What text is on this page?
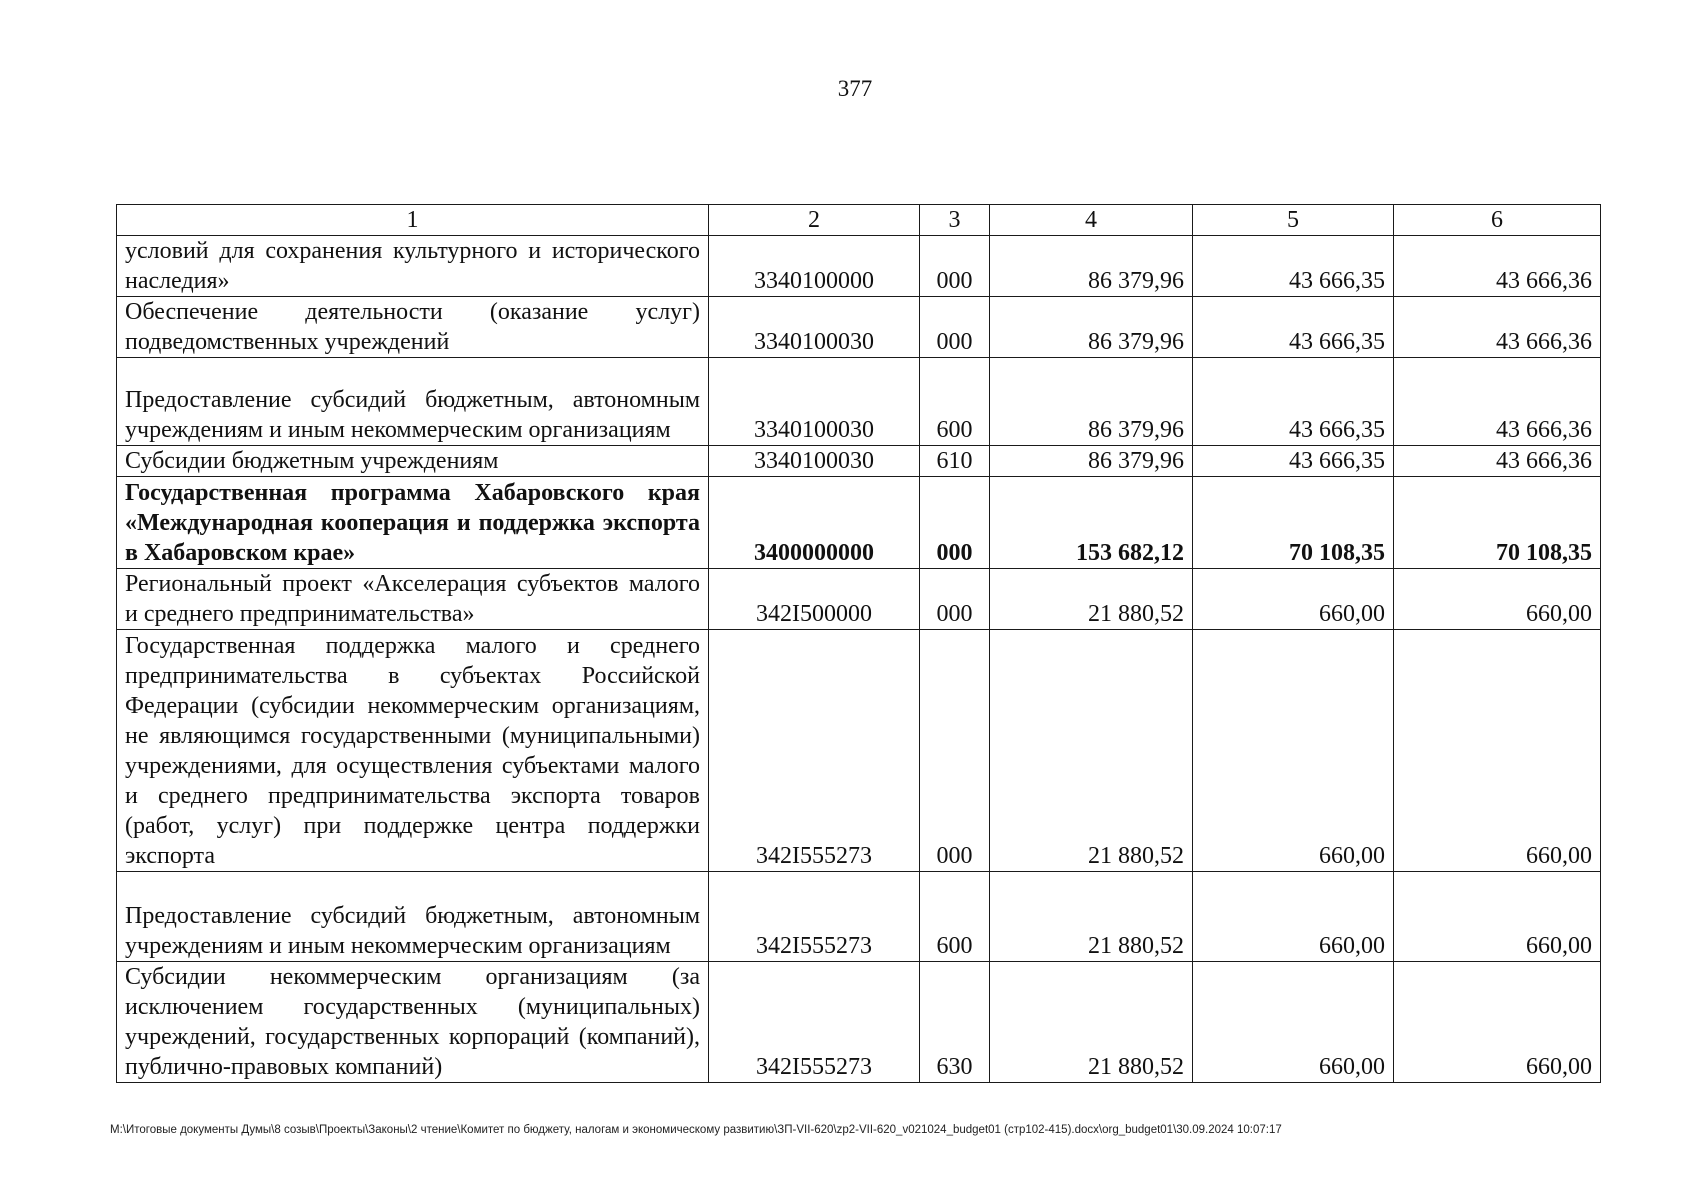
377
1	2	3	4	5	6
условий для сохранения культурного и исторического наследия»	3340100000	000	86 379,96	43 666,35	43 666,36
Обеспечение деятельности (оказание услуг) подведомственных учреждений	3340100030	000	86 379,96	43 666,35	43 666,36
Предоставление субсидий бюджетным, автономным учреждениям и иным некоммерческим организациям	3340100030	600	86 379,96	43 666,35	43 666,36
Субсидии бюджетным учреждениям	3340100030	610	86 379,96	43 666,35	43 666,36
Государственная программа Хабаровского края «Международная кооперация и поддержка экспорта в Хабаровском крае»	3400000000	000	153 682,12	70 108,35	70 108,35
Региональный проект «Акселерация субъектов малого и среднего предпринимательства»	342I500000	000	21 880,52	660,00	660,00
Государственная поддержка малого и среднего предпринимательства в субъектах Российской Федерации (субсидии некоммерческим организациям, не являющимся государственными (муниципальными) учреждениями, для осуществления субъектами малого и среднего предпринимательства экспорта товаров (работ, услуг) при поддержке центра поддержки экспорта	342I555273	000	21 880,52	660,00	660,00
Предоставление субсидий бюджетным, автономным учреждениям и иным некоммерческим организациям	342I555273	600	21 880,52	660,00	660,00
Субсидии некоммерческим организациям (за исключением государственных (муниципальных) учреждений, государственных корпораций (компаний), публично-правовых компаний)	342I555273	630	21 880,52	660,00	660,00
M:\Итоговые документы Думы\8 созыв\Проекты\Законы\2 чтение\Комитет по бюджету, налогам и экономическому развитию\ЗП-VII-620\zp2-VII-620_v021024_budget01 (стр102-415).docx\org_budget01\30.09.2024 10:07:17
